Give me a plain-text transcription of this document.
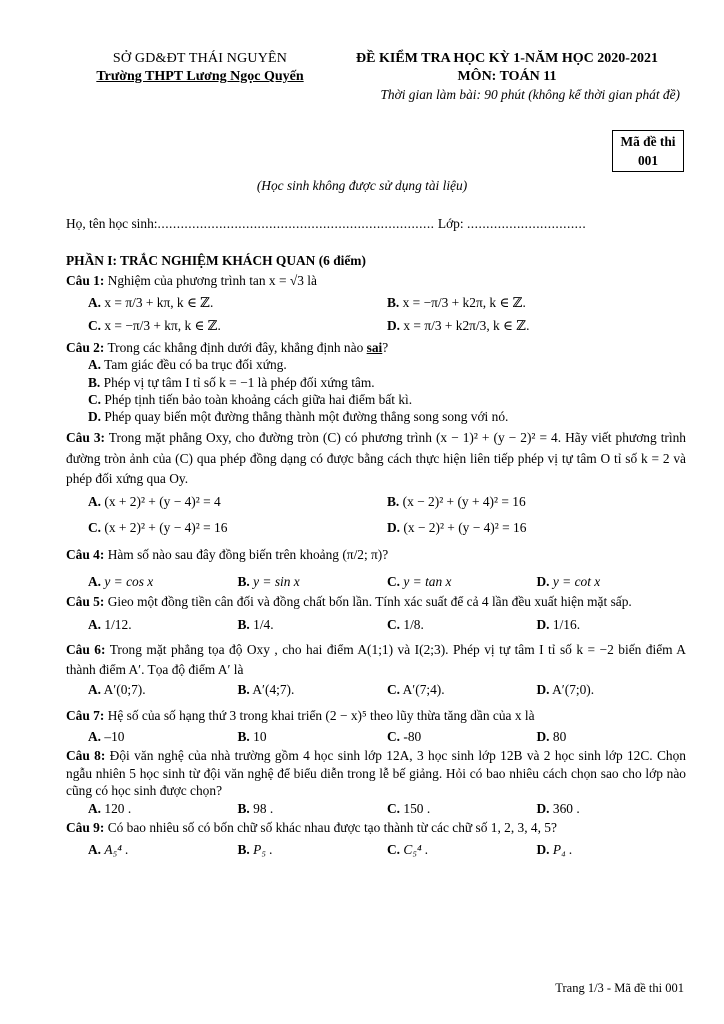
SỞ GD&ĐT THÁI NGUYÊN
Trường THPT Lương Ngọc Quyến
ĐỀ KIỂM TRA HỌC KỲ 1-NĂM HỌC 2020-2021
MÔN: TOÁN 11
Thời gian làm bài: 90 phút (không kể thời gian phát đề)
Mã đề thi
001
(Học sinh không được sử dụng tài liệu)
Họ, tên học sinh:........................................................................ Lớp: ...............................
PHẦN I: TRẮC NGHIỆM KHÁCH QUAN (6 điểm)
Câu 1: Nghiệm của phương trình tan x = √3 là
A. x = π/3 + kπ, k ∈ ℤ.	B. x = −π/3 + k2π, k ∈ ℤ.
C. x = −π/3 + kπ, k ∈ ℤ.	D. x = π/3 + k2π/3, k ∈ ℤ.
Câu 2: Trong các khẳng định dưới đây, khẳng định nào sai?
A. Tam giác đều có ba trục đối xứng.
B. Phép vị tự tâm I tỉ số k = −1 là phép đối xứng tâm.
C. Phép tịnh tiến bảo toàn khoảng cách giữa hai điểm bất kì.
D. Phép quay biến một đường thẳng thành một đường thẳng song song với nó.
Câu 3: Trong mặt phẳng Oxy, cho đường tròn (C) có phương trình (x − 1)² + (y − 2)² = 4. Hãy viết phương trình đường tròn ảnh của (C) qua phép đồng dạng có được bằng cách thực hiện liên tiếp phép vị tự tâm O tỉ số k = 2 và phép đối xứng qua Oy.
A. (x + 2)² + (y − 4)² = 4	B. (x − 2)² + (y + 4)² = 16
C. (x + 2)² + (y − 4)² = 16	D. (x − 2)² + (y − 4)² = 16
Câu 4: Hàm số nào sau đây đồng biến trên khoảng (π/2; π)?
A. y = cos x	B. y = sin x	C. y = tan x	D. y = cot x
Câu 5: Gieo một đồng tiền cân đối và đồng chất bốn lần. Tính xác suất để cả 4 lần đều xuất hiện mặt sấp.
A. 1/12.	B. 1/4.	C. 1/8.	D. 1/16.
Câu 6: Trong mặt phẳng tọa độ Oxy , cho hai điểm A(1;1) và I(2;3). Phép vị tự tâm I tỉ số k = −2 biến điểm A thành điểm A′. Tọa độ điểm A′ là
A. A′(0;7).	B. A′(4;7).	C. A′(7;4).	D. A′(7;0).
Câu 7: Hệ số của số hạng thứ 3 trong khai triển (2 − x)⁵ theo lũy thừa tăng dần của x là
A. –10	B. 10	C. -80	D. 80
Câu 8: Đội văn nghệ của nhà trường gồm 4 học sinh lớp 12A, 3 học sinh lớp 12B và 2 học sinh lớp 12C. Chọn ngẫu nhiên 5 học sinh từ đội văn nghệ để biểu diễn trong lễ bế giảng. Hỏi có bao nhiêu cách chọn sao cho lớp nào cũng có học sinh được chọn?
A. 120 .	B. 98 .	C. 150 .	D. 360 .
Câu 9: Có bao nhiêu số có bốn chữ số khác nhau được tạo thành từ các chữ số 1, 2, 3, 4, 5?
A. A₅⁴ .	B. P₅ .	C. C₅⁴ .	D. P₄ .
Trang 1/3 - Mã đề thi 001
